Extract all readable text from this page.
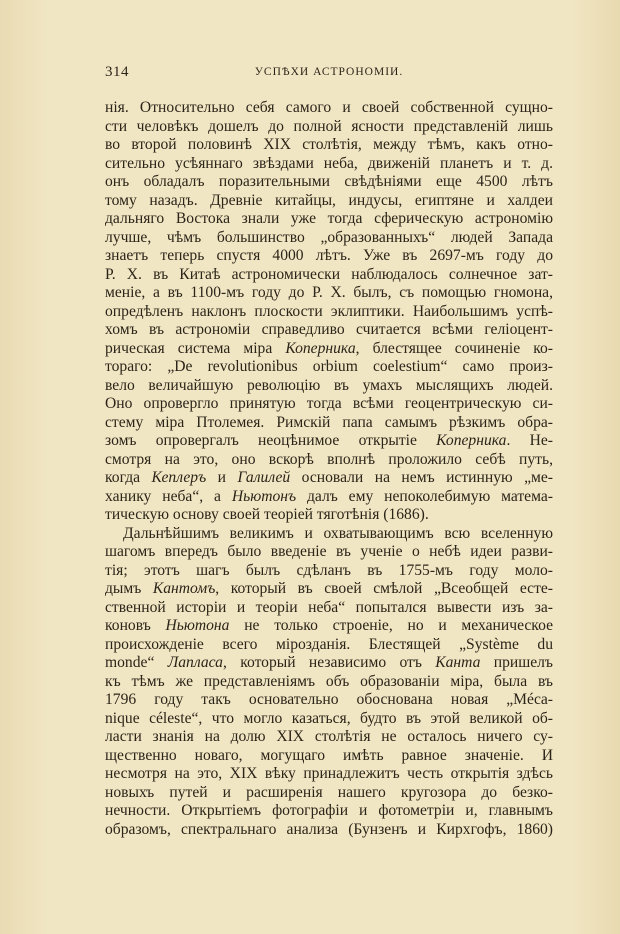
314	УСПѢХИ АСТРОНОМІИ.
нія. Относительно себя самого и своей собственной сущно-
сти человѣкъ дошелъ до полной ясности представленій лишь
во второй половинѣ XIX столѣтія, между тѣмъ, какъ отно-
сительно усѣяннаго звѣздами неба, движеній планетъ и т. д.
онъ обладалъ поразительными свѣдѣніями еще 4500 лѣтъ
тому назадъ. Древніе китайцы, индусы, египтяне и халдеи
дальняго Востока знали уже тогда сферическую астрономію
лучше, чѣмъ большинство „образованныхъ“ людей Запада
знаетъ теперь спустя 4000 лѣтъ. Уже въ 2697-мъ году до
Р. Х. въ Китаѣ астрономически наблюдалось солнечное зат-
меніе, а въ 1100-мъ году до Р. Х. былъ, съ помощью гномона,
опредѣленъ наклонъ плоскости эклиптики. Наибольшимъ успѣ-
хомъ въ астрономіи справедливо считается всѣми геліоцент-
рическая система міра Коперника, блестящее сочиненіе ко-
тораго: „De revolutionibus orbium coelestium“ само произ-
вело величайшую революцію въ умахъ мыслящихъ людей.
Оно опровергло принятую тогда всѣми геоцентрическую си-
стему міра Птолемея. Римскій папа самымъ рѣзкимъ обра-
зомъ опровергалъ неоцѣнимое открытіе Коперника. Не-
смотря на это, оно вскорѣ вполнѣ проложило себѣ путь,
когда Кеплеръ и Галилей основали на немъ истинную „ме-
ханику неба“, а Ньютонъ далъ ему непоколебимую матема-
тическую основу своей теоріей тяготѣнія (1686).
Дальнѣйшимъ великимъ и охватывающимъ всю вселенную
шагомъ впередъ было введеніе въ ученіе о небѣ идеи разви-
тія; этотъ шагъ былъ сдѣланъ въ 1755-мъ году моло-
дымъ Кантомъ, который въ своей смѣлой „Всеобщей есте-
ственной исторіи и теоріи неба“ попытался вывести изъ за-
коновъ Ньютона не только строеніе, но и механическое
происхожденіе всего мірозданія. Блестящей „Système du
monde“ Лапласа, который независимо отъ Канта пришелъ
къ тѣмъ же представленіямъ объ образованіи міра, была въ
1796 году такъ основательно обоснована новая „Méca-
nique céleste“, что могло казаться, будто въ этой великой об-
ласти знанія на долю XIX столѣтія не осталось ничего су-
щественно новаго, могущаго имѣть равное значеніе. И
несмотря на это, XIX вѣку принадлежитъ честь открытія здѣсь
новыхъ путей и расширенія нашего кругозора до безко-
нечности. Открытіемъ фотографіи и фотометріи и, главнымъ
образомъ, спектральнаго анализа (Бунзенъ и Кирхгофъ, 1860)
